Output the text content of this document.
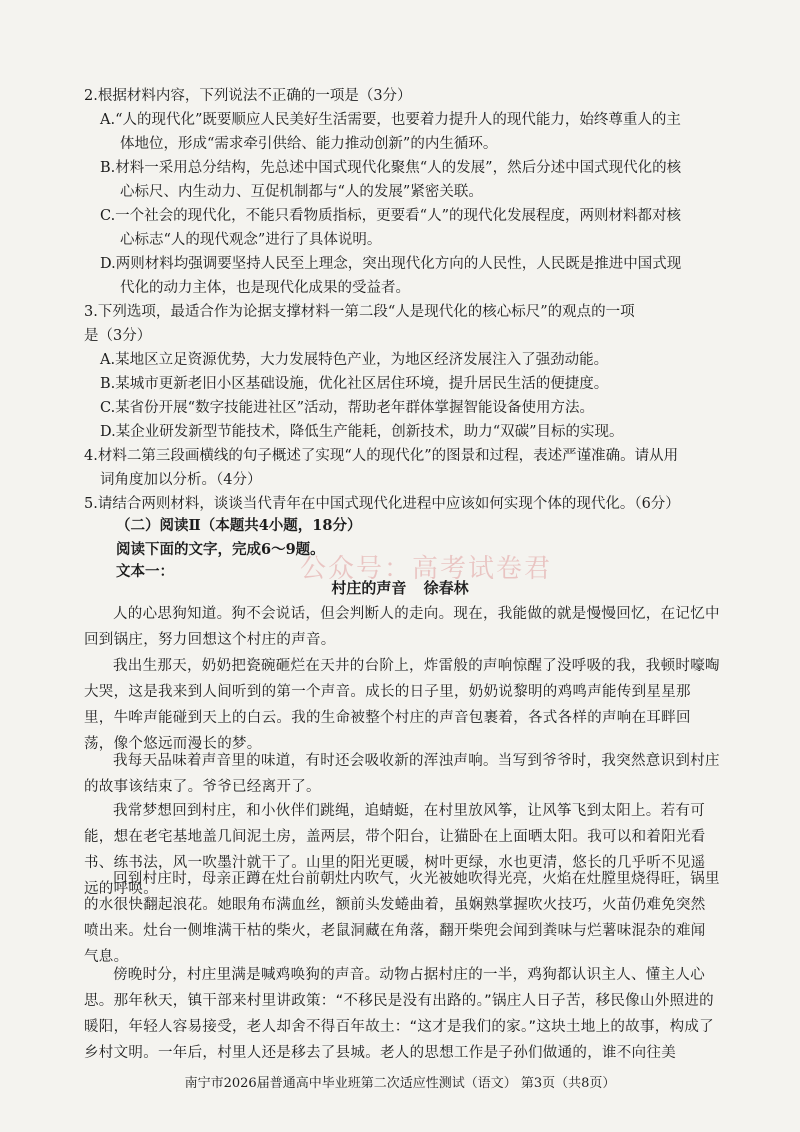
2.根据材料内容，下列说法不正确的一项是（3分）
A.“人的现代化”既要顺应人民美好生活需要，也要着力提升人的现代能力，始终尊重人的主
体地位，形成“需求牵引供给、能力推动创新”的内生循环。
B.材料一采用总分结构，先总述中国式现代化聚焦“人的发展”，然后分述中国式现代化的核
心标尺、内生动力、互促机制都与“人的发展”紧密关联。
C.一个社会的现代化，不能只看物质指标，更要看“人”的现代化发展程度，两则材料都对核
心标志“人的现代观念”进行了具体说明。
D.两则材料均强调要坚持人民至上理念，突出现代化方向的人民性，人民既是推进中国式现
代化的动力主体，也是现代化成果的受益者。
3.下列选项，最适合作为论据支撑材料一第二段“人是现代化的核心标尺”的观点的一项
是（3分）
A.某地区立足资源优势，大力发展特色产业，为地区经济发展注入了强劲动能。
B.某城市更新老旧小区基础设施，优化社区居住环境，提升居民生活的便捷度。
C.某省份开展“数字技能进社区”活动，帮助老年群体掌握智能设备使用方法。
D.某企业研发新型节能技术，降低生产能耗，创新技术，助力“双碳”目标的实现。
4.材料二第三段画横线的句子概述了实现“人的现代化”的图景和过程，表述严谨准确。请从用
词角度加以分析。（4分）
5.请结合两则材料，谈谈当代青年在中国式现代化进程中应该如何实现个体的现代化。（6分）
（二）阅读Ⅱ（本题共4小题，18分）
阅读下面的文字，完成6～9题。
文本一：	公众号：高考试卷君
村庄的声音 徐春林
人的心思狗知道。狗不会说话，但会判断人的走向。现在，我能做的就是慢慢回忆，在记忆中回到锅庄，努力回想这个村庄的声音。
我出生那天，奶奶把瓷碗砸烂在天井的台阶上，炸雷般的声响惊醒了没呼吸的我，我顿时嚎啕大哭，这是我来到人间听到的第一个声音。成长的日子里，奶奶说黎明的鸡鸣声能传到星星那里，牛哞声能碰到天上的白云。我的生命被整个村庄的声音包裹着，各式各样的声响在耳畔回荡，像个悠远而漫长的梦。
我每天品味着声音里的味道，有时还会吸收新的浑浊声响。当写到爷爷时，我突然意识到村庄的故事该结束了。爷爷已经离开了。
我常梦想回到村庄，和小伙伴们跳绳，追蜻蜓，在村里放风筝，让风筝飞到太阳上。若有可能，想在老宅基地盖几间泥土房，盖两层，带个阳台，让猫卧在上面晒太阳。我可以和着阳光看书、练书法，风一吹墨汁就干了。山里的阳光更暖，树叶更绿，水也更清，悠长的几乎听不见遥远的呼唤。
回到村庄时，母亲正蹲在灶台前朝灶内吹气，火光被她吹得光亮，火焰在灶膛里烧得旺，锅里的水很快翻起浪花。她眼角布满血丝，额前头发蜷曲着，虽娴熟掌握吹火技巧，火苗仍难免突然喷出来。灶台一侧堆满干枯的柴火，老鼠洞藏在角落，翻开柴兜会闻到粪味与烂薯味混杂的难闻气息。
傍晚时分，村庄里满是喊鸡唤狗的声音。动物占据村庄的一半，鸡狗都认识主人、懂主人心思。那年秋天，镇干部来村里讲政策：“不移民是没有出路的。”锅庄人日子苦，移民像山外照进的暖阳，年轻人容易接受，老人却舍不得百年故土：“这才是我们的家。”这块土地上的故事，构成了乡村文明。一年后，村里人还是移去了县城。老人的思想工作是子孙们做通的，谁不向往美
南宁市2026届普通高中毕业班第二次适应性测试（语文） 第3页（共8页）
